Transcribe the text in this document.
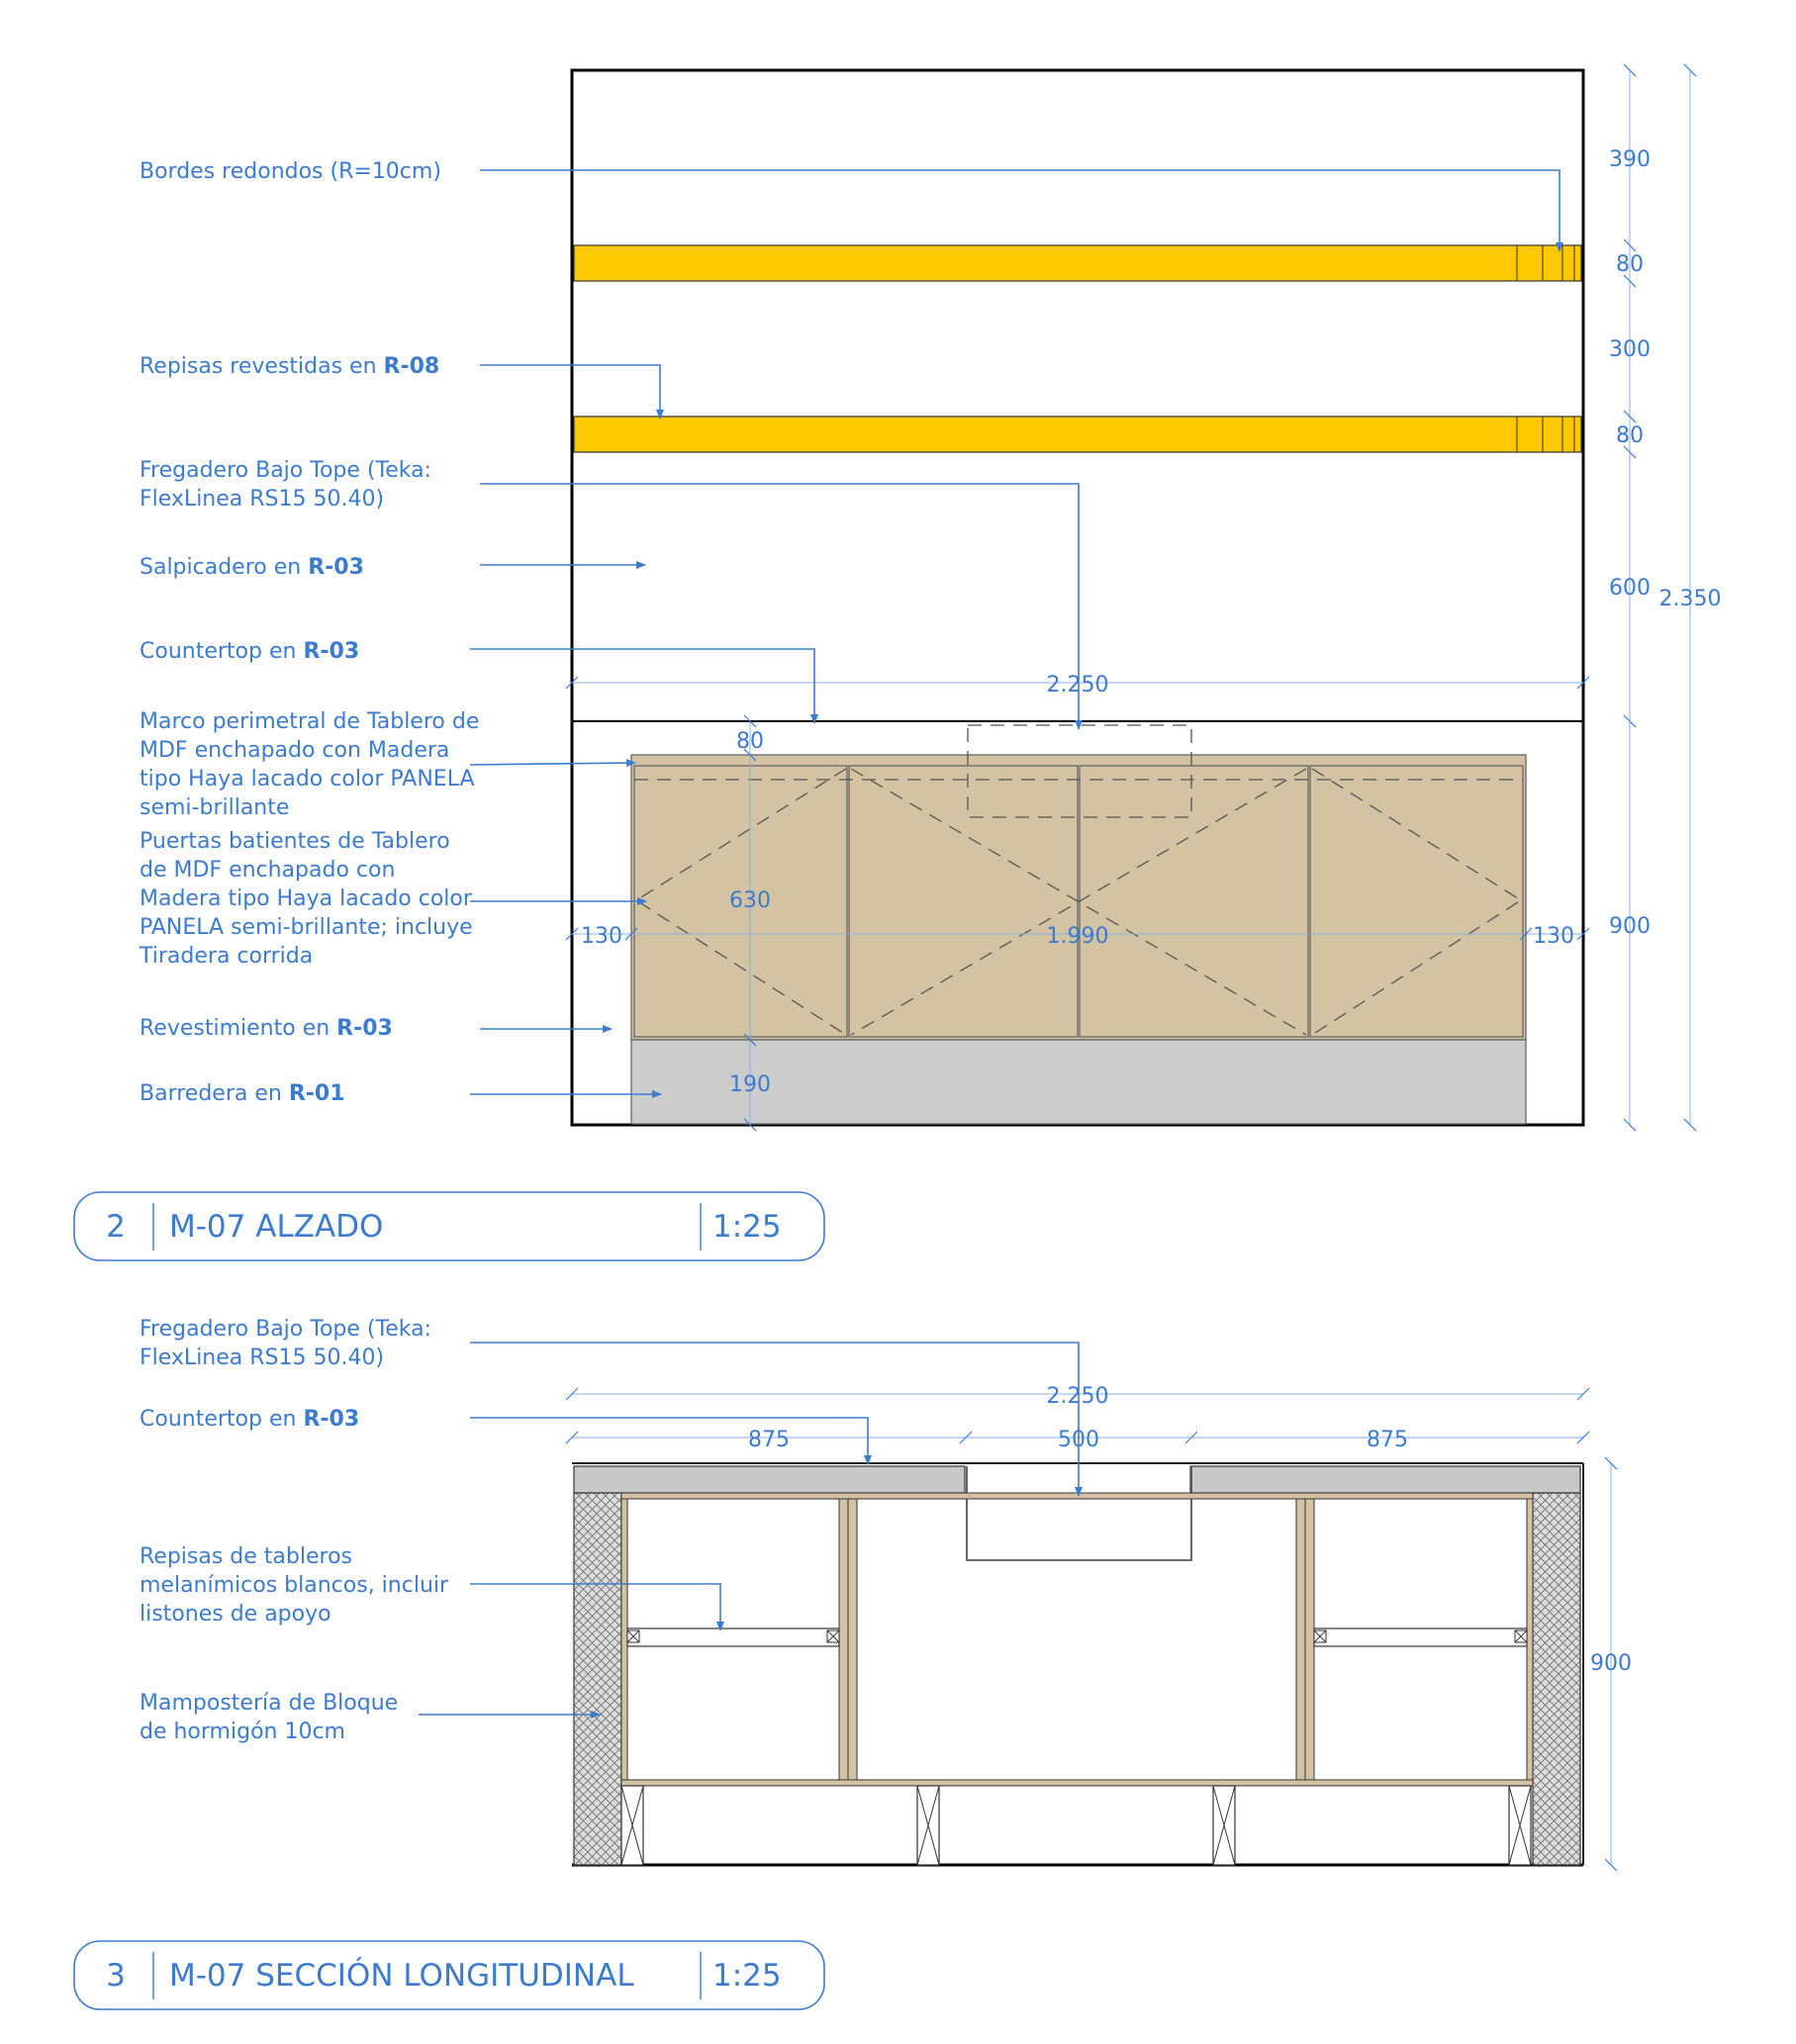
390
80
300
80
600 2.350
2.250
80
630
130	1.990	130 900
190
Bordes redondos (R=10cm)
Repisas revestidas en R-08
Fregadero Bajo Tope (Teka: FlexLinea RS15 50.40)
Salpicadero en R-03
Countertop en R-03
Marco perimetral de Tablero de MDF enchapado con Madera tipo Haya lacado color PANELA semi-brillante
Puertas batientes de Tablero de MDF enchapado con Madera tipo Haya lacado color PANELA semi-brillante; incluye Tiradera corrida
Revestimiento en R-03
Barredera en R-01
2 M-07 ALZADO	1:25
2.250
875	500	875
900
Fregadero Bajo Tope (Teka: FlexLinea RS15 50.40)
Countertop en R-03
Repisas de tableros melanímicos blancos, incluir listones de apoyo
Mampostería de Bloque de hormigón 10cm
3 M-07 SECCIÓN LONGITUDINAL	1:25
